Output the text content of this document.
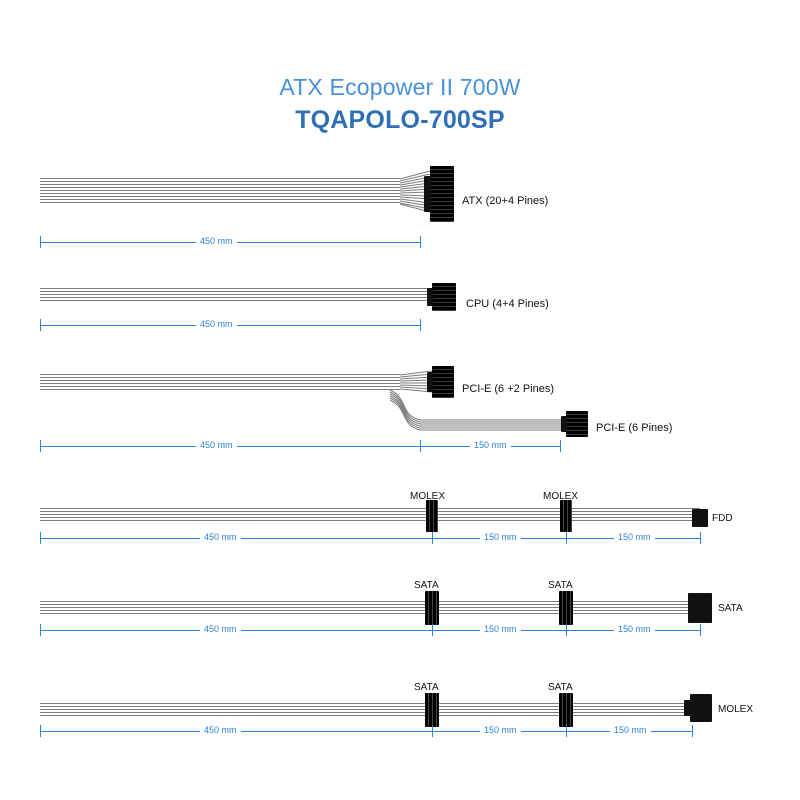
ATX Ecopower II 700W
TQAPOLO-700SP
ATX (20+4 Pines)
450 mm
CPU (4+4 Pines)
450 mm
PCI-E (6 +2 Pines)
PCI-E (6 Pines)
450 mm	150 mm
MOLEX	MOLEX
FDD
450 mm	150 mm	150 mm
SATA	SATA
SATA
450 mm	150 mm	150 mm
SATA	SATA
MOLEX
450 mm	150 mm	150 mm
